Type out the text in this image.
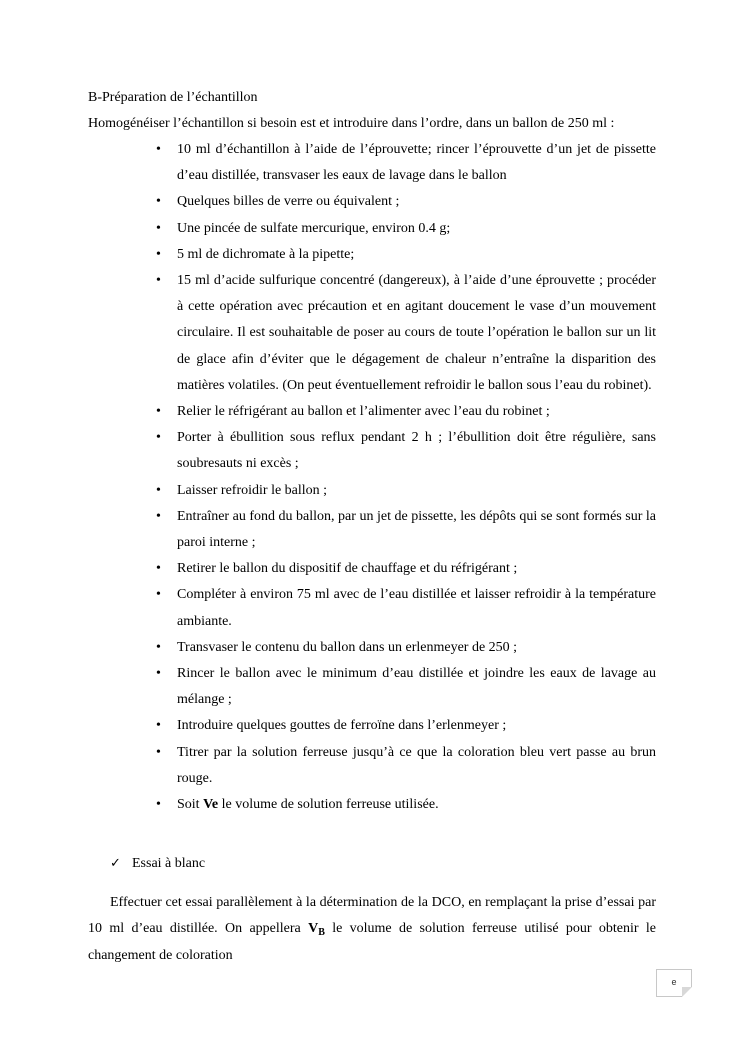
B-Préparation de l’échantillon
Homogénéiser l’échantillon si besoin est et introduire dans l’ordre, dans un ballon de 250 ml :
• 10 ml d’échantillon à l’aide de l’éprouvette; rincer l’éprouvette d’un jet de pissette d’eau distillée, transvaser les eaux de lavage dans le ballon
• Quelques billes de verre ou équivalent ;
• Une pincée de sulfate mercurique, environ 0.4 g;
• 5 ml de dichromate à la pipette;
• 15 ml d’acide sulfurique concentré (dangereux), à l’aide d’une éprouvette ; procéder à cette opération avec précaution et en agitant doucement le vase d’un mouvement circulaire. Il est souhaitable de poser au cours de toute l’opération le ballon sur un lit de glace afin d’éviter que le dégagement de chaleur n’entraîne la disparition des matières volatiles. (On peut éventuellement refroidir le ballon sous l’eau du robinet).
• Relier le réfrigérant au ballon et l’alimenter avec l’eau du robinet ;
• Porter à ébullition sous reflux pendant 2 h ; l’ébullition doit être régulière, sans soubresauts ni excès ;
• Laisser refroidir le ballon ;
• Entraîner au fond du ballon, par un jet de pissette, les dépôts qui se sont formés sur la paroi interne ;
• Retirer le ballon du dispositif de chauffage et du réfrigérant ;
• Compléter à environ 75 ml avec de l’eau distillée et laisser refroidir à la température ambiante.
• Transvaser le contenu du ballon dans un erlenmeyer de 250 ;
• Rincer le ballon avec le minimum d’eau distillée et joindre les eaux de lavage au mélange ;
• Introduire quelques gouttes de ferroïne dans l’erlenmeyer ;
• Titrer par la solution ferreuse jusqu’à ce que la coloration bleu vert passe au brun rouge.
• Soit Ve le volume de solution ferreuse utilisée.
✓ Essai à blanc
Effectuer cet essai parallèlement à la détermination de la DCO, en remplaçant la prise d’essai par 10 ml d’eau distillée. On appellera $V_B$ le volume de solution ferreuse utilisé pour obtenir le changement de coloration
e
